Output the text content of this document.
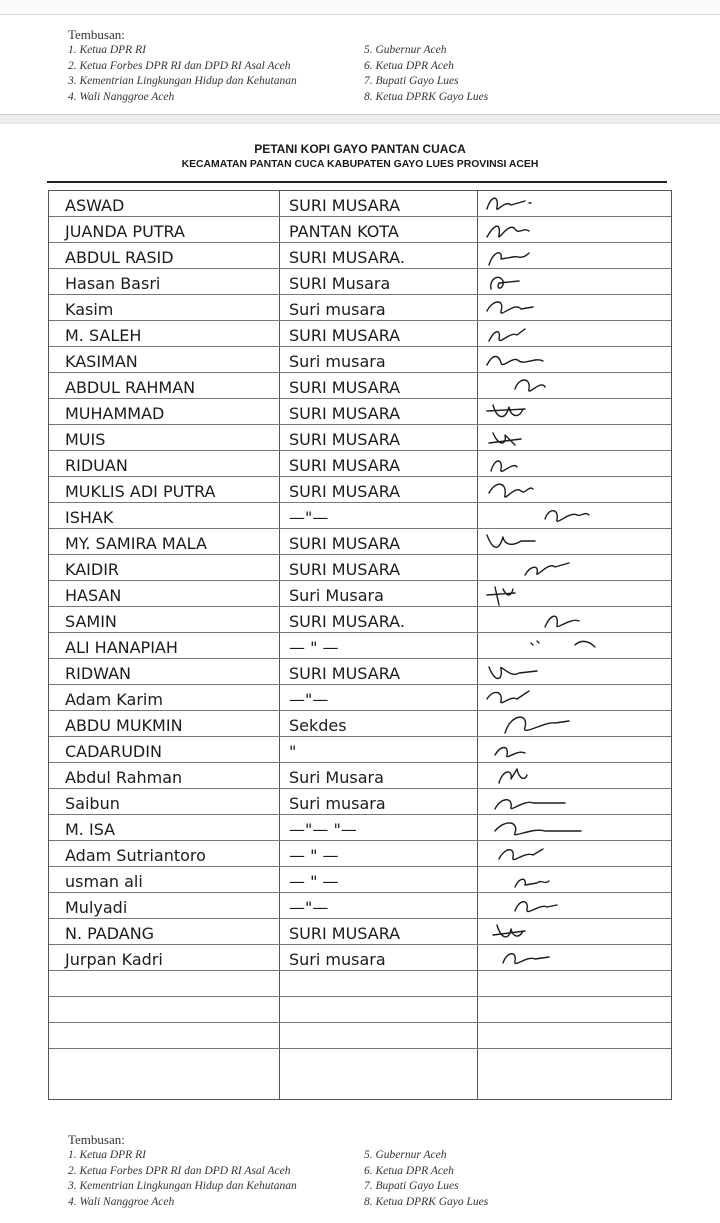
Tembusan:
1. Ketua DPR RI
2. Ketua Forbes DPR RI dan DPD RI Asal Aceh
3. Kementrian Lingkungan Hidup dan Kehutanan
4. Wali Nanggroe Aceh
5. Gubernur Aceh
6. Ketua DPR Aceh
7. Bupati Gayo Lues
8. Ketua DPRK Gayo Lues
PETANI KOPI GAYO PANTAN CUACA
KECAMATAN PANTAN CUCA KABUPATEN GAYO LUES PROVINSI ACEH
ASWAD	SURI MUSARA
JUANDA PUTRA	PANTAN KOTA
ABDUL RASID	SURI MUSARA.
Hasan Basri	SURI Musara
Kasim	Suri musara
M. SALEH	SURI MUSARA
KASIMAN	Suri musara
ABDUL RAHMAN	SURI MUSARA
MUHAMMAD	SURI MUSARA
MUIS	SURI MUSARA
RIDUAN	SURI MUSARA
MUKLIS ADI PUTRA	SURI MUSARA
ISHAK	—"—
MY. SAMIRA MALA	SURI MUSARA
KAIDIR	SURI MUSARA
HASAN	Suri Musara
SAMIN	SURI MUSARA.
ALI HANAPIAH	— " —
RIDWAN	SURI MUSARA
Adam Karim	—"—
ABDU MUKMIN	Sekdes
CADARUDIN	"
Abdul Rahman	Suri Musara
Saibun	Suri musara
M. ISA	—"— "—
Adam Sutriantoro	— " —
usman ali	— " —
Mulyadi	—"—
N. PADANG	SURI MUSARA
Jurpan Kadri	Suri musara
Tembusan:
1. Ketua DPR RI
2. Ketua Forbes DPR RI dan DPD RI Asal Aceh
3. Kementrian Lingkungan Hidup dan Kehutanan
4. Wali Nanggroe Aceh
5. Gubernur Aceh
6. Ketua DPR Aceh
7. Bupati Gayo Lues
8. Ketua DPRK Gayo Lues
